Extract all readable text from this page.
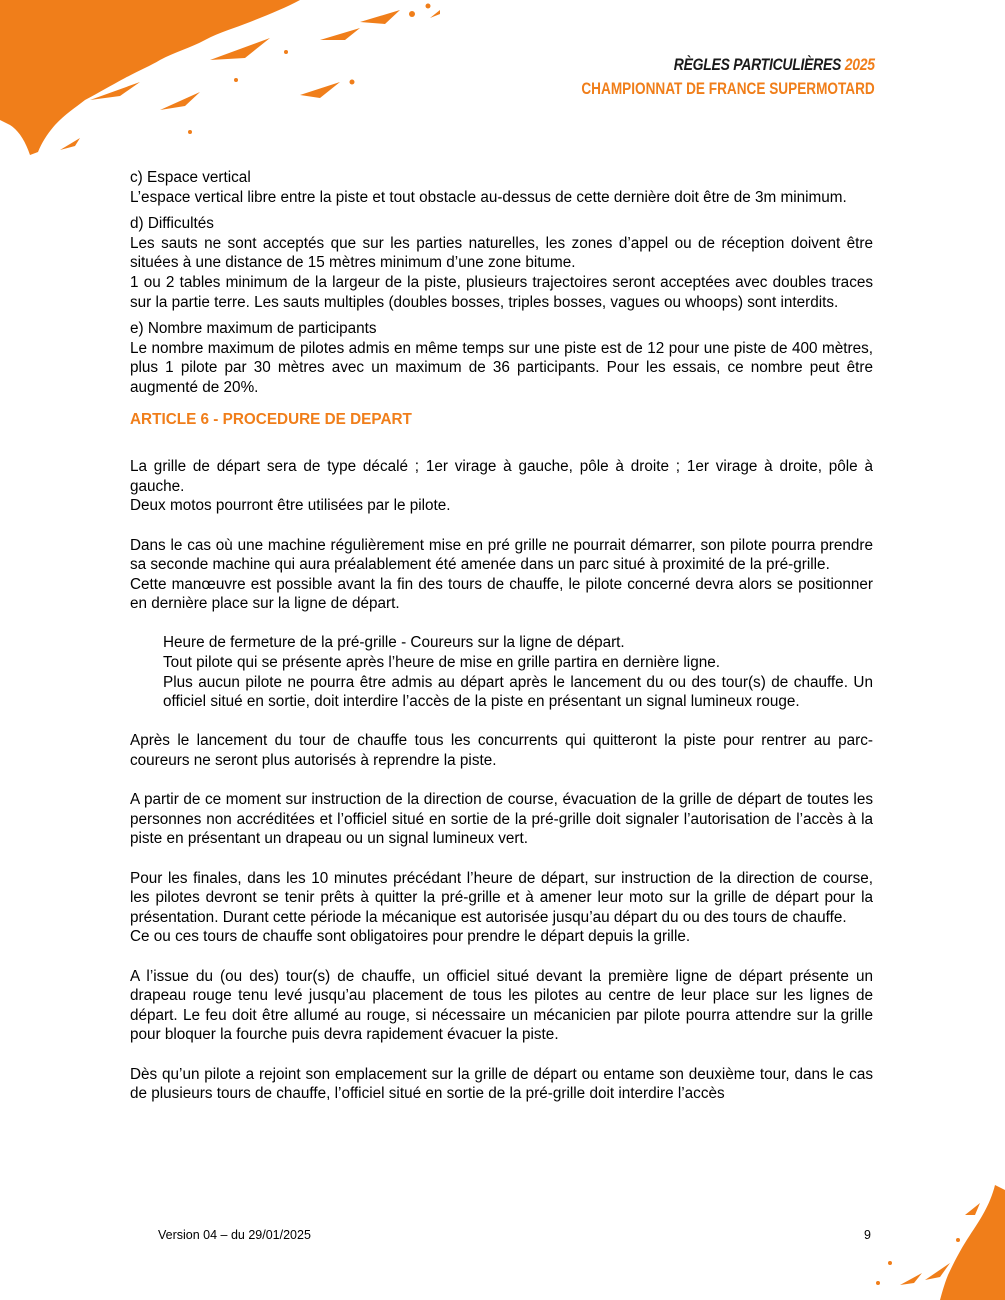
RÈGLES PARTICULIÈRES 2025
CHAMPIONNAT DE FRANCE SUPERMOTARD

c) Espace vertical

L’espace vertical libre entre la piste et tout obstacle au-dessus de cette dernière doit être de 3m minimum.

d) Difficultés

Les sauts ne sont acceptés que sur les parties naturelles, les zones d’appel ou de réception doivent être situées à une distance de 15 mètres minimum d’une zone bitume.

1 ou 2 tables minimum de la largeur de la piste, plusieurs trajectoires seront acceptées avec doubles traces sur la partie terre. Les sauts multiples (doubles bosses, triples bosses, vagues ou whoops) sont interdits.

e) Nombre maximum de participants

Le nombre maximum de pilotes admis en même temps sur une piste est de 12 pour une piste de 400 mètres, plus 1 pilote par 30 mètres avec un maximum de 36 participants. Pour les essais, ce nombre peut être augmenté de 20%.

ARTICLE 6 - PROCEDURE DE DEPART

La grille de départ sera de type décalé ; 1er virage à gauche, pôle à droite ; 1er virage à droite, pôle à gauche.

Deux motos pourront être utilisées par le pilote.

Dans le cas où une machine régulièrement mise en pré grille ne pourrait démarrer, son pilote pourra prendre sa seconde machine qui aura préalablement été amenée dans un parc situé à proximité de la pré-grille.

Cette manœuvre est possible avant la fin des tours de chauffe, le pilote concerné devra alors se positionner en dernière place sur la ligne de départ.

Heure de fermeture de la pré-grille - Coureurs sur la ligne de départ.

Tout pilote qui se présente après l’heure de mise en grille partira en dernière ligne.

Plus aucun pilote ne pourra être admis au départ après le lancement du ou des tour(s) de chauffe. Un officiel situé en sortie, doit interdire l’accès de la piste en présentant un signal lumineux rouge.

Après le lancement du tour de chauffe tous les concurrents qui quitteront la piste pour rentrer au parc-coureurs ne seront plus autorisés à reprendre la piste.

A partir de ce moment sur instruction de la direction de course, évacuation de la grille de départ de toutes les personnes non accréditées et l’officiel situé en sortie de la pré-grille doit signaler l’autorisation de l’accès à la piste en présentant un drapeau ou un signal lumineux vert.

Pour les finales, dans les 10 minutes précédant l’heure de départ, sur instruction de la direction de course, les pilotes devront se tenir prêts à quitter la pré-grille et à amener leur moto sur la grille de départ pour la présentation. Durant cette période la mécanique est autorisée jusqu’au départ du ou des tours de chauffe.

Ce ou ces tours de chauffe sont obligatoires pour prendre le départ depuis la grille.

A l’issue du (ou des) tour(s) de chauffe, un officiel situé devant la première ligne de départ présente un drapeau rouge tenu levé jusqu’au placement de tous les pilotes au centre de leur place sur les lignes de départ. Le feu doit être allumé au rouge, si nécessaire un mécanicien par pilote pourra attendre sur la grille pour bloquer la fourche puis devra rapidement évacuer la piste.

Dès qu’un pilote a rejoint son emplacement sur la grille de départ ou entame son deuxième tour, dans le cas de plusieurs tours de chauffe, l’officiel situé en sortie de la pré-grille doit interdire l’accès

Version 04 – du 29/01/2025	9
